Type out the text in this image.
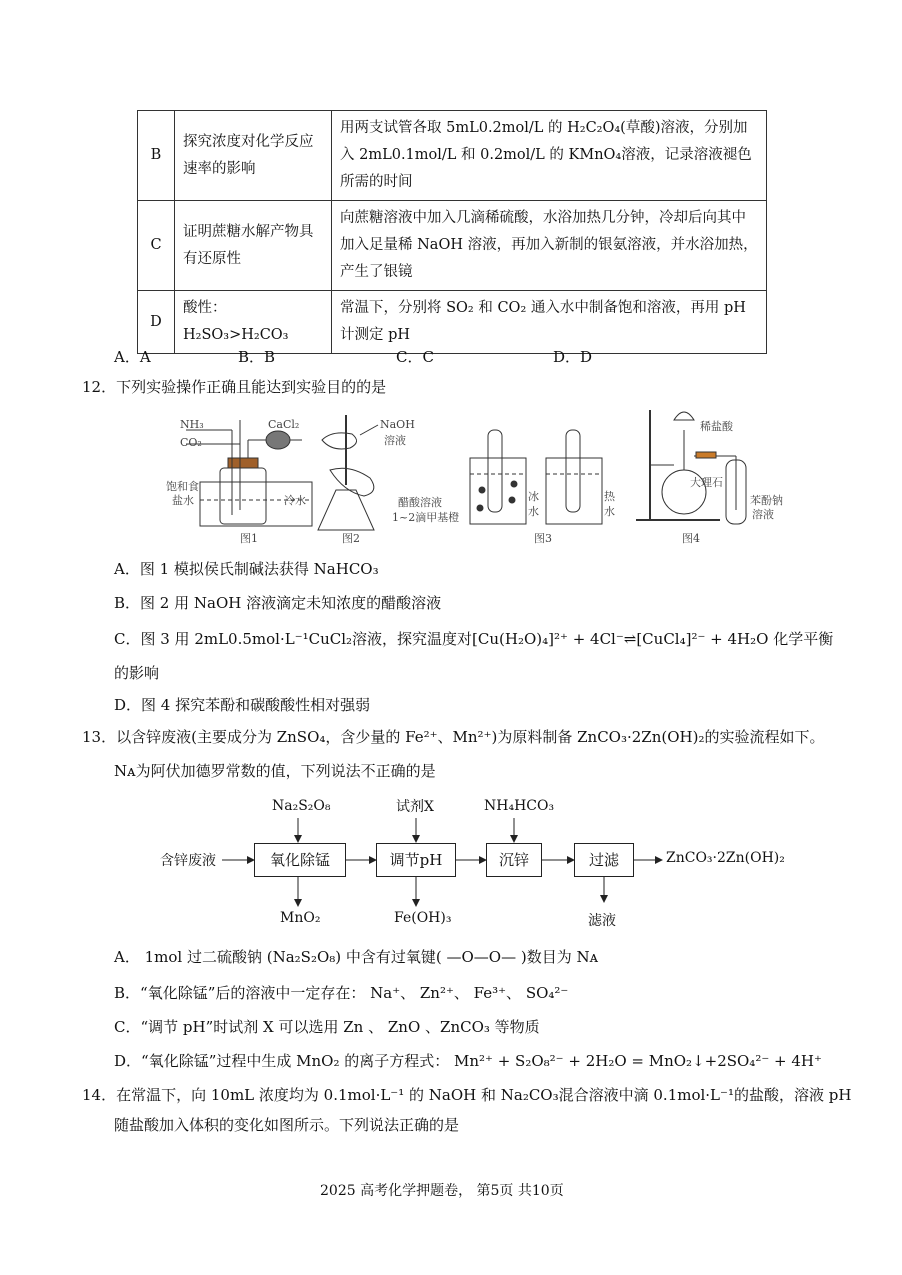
B	探究浓度对化学反应速率的影响	用两支试管各取 5mL0.2mol/L 的 H₂C₂O₄(草酸)溶液，分别加入 2mL0.1mol/L 和 0.2mol/L 的 KMnO₄溶液，记录溶液褪色所需的时间
C	证明蔗糖水解产物具有还原性	向蔗糖溶液中加入几滴稀硫酸，水浴加热几分钟，冷却后向其中加入足量稀 NaOH 溶液，再加入新制的银氨溶液，并水浴加热，产生了银镜
D	酸性：H₂SO₃>H₂CO₃	常温下，分别将 SO₂ 和 CO₂ 通入水中制备饱和溶液，再用 pH 计测定 pH
A．A	B．B	C．C	D．D
12．下列实验操作正确且能达到实验目的的是
NH₃
CO₂
CaCl₂
饱和食
盐水	冷水
图1
NaOH
溶液
醋酸溶液
1~2滴甲基橙
图2
冰
水
热
水
图3
稀盐酸
大理石
苯酚钠
溶液
图4
A．图 1 模拟侯氏制碱法获得 NaHCO₃
B．图 2 用 NaOH 溶液滴定未知浓度的醋酸溶液
C．图 3 用 2mL0.5mol·L⁻¹CuCl₂溶液，探究温度对[Cu(H₂O)₄]²⁺ + 4Cl⁻⇌[CuCl₄]²⁻ + 4H₂O 化学平衡
的影响
D．图 4 探究苯酚和碳酸酸性相对强弱
13．以含锌废液(主要成分为 ZnSO₄，含少量的 Fe²⁺、Mn²⁺)为原料制备 ZnCO₃·2Zn(OH)₂的实验流程如下。
Nᴀ为阿伏加德罗常数的值，下列说法不正确的是
含锌废液	氧化除锰	调节pH	沉锌	过滤	ZnCO₃·2Zn(OH)₂
Na₂S₂O₈	试剂X	NH₄HCO₃
MnO₂	Fe(OH)₃	滤液
A． 1mol 过二硫酸钠 (Na₂S₂O₈) 中含有过氧键( —O—O— )数目为 Nᴀ
B．“氧化除锰”后的溶液中一定存在： Na⁺、 Zn²⁺、 Fe³⁺、 SO₄²⁻
C．“调节 pH”时试剂 X 可以选用 Zn 、 ZnO 、ZnCO₃ 等物质
D．“氧化除锰”过程中生成 MnO₂ 的离子方程式： Mn²⁺ + S₂O₈²⁻ + 2H₂O = MnO₂↓+2SO₄²⁻ + 4H⁺
14．在常温下，向 10mL 浓度均为 0.1mol·L⁻¹ 的 NaOH 和 Na₂CO₃混合溶液中滴 0.1mol·L⁻¹的盐酸，溶液 pH
随盐酸加入体积的变化如图所示。下列说法正确的是
2025 高考化学押题卷， 第5页 共10页
